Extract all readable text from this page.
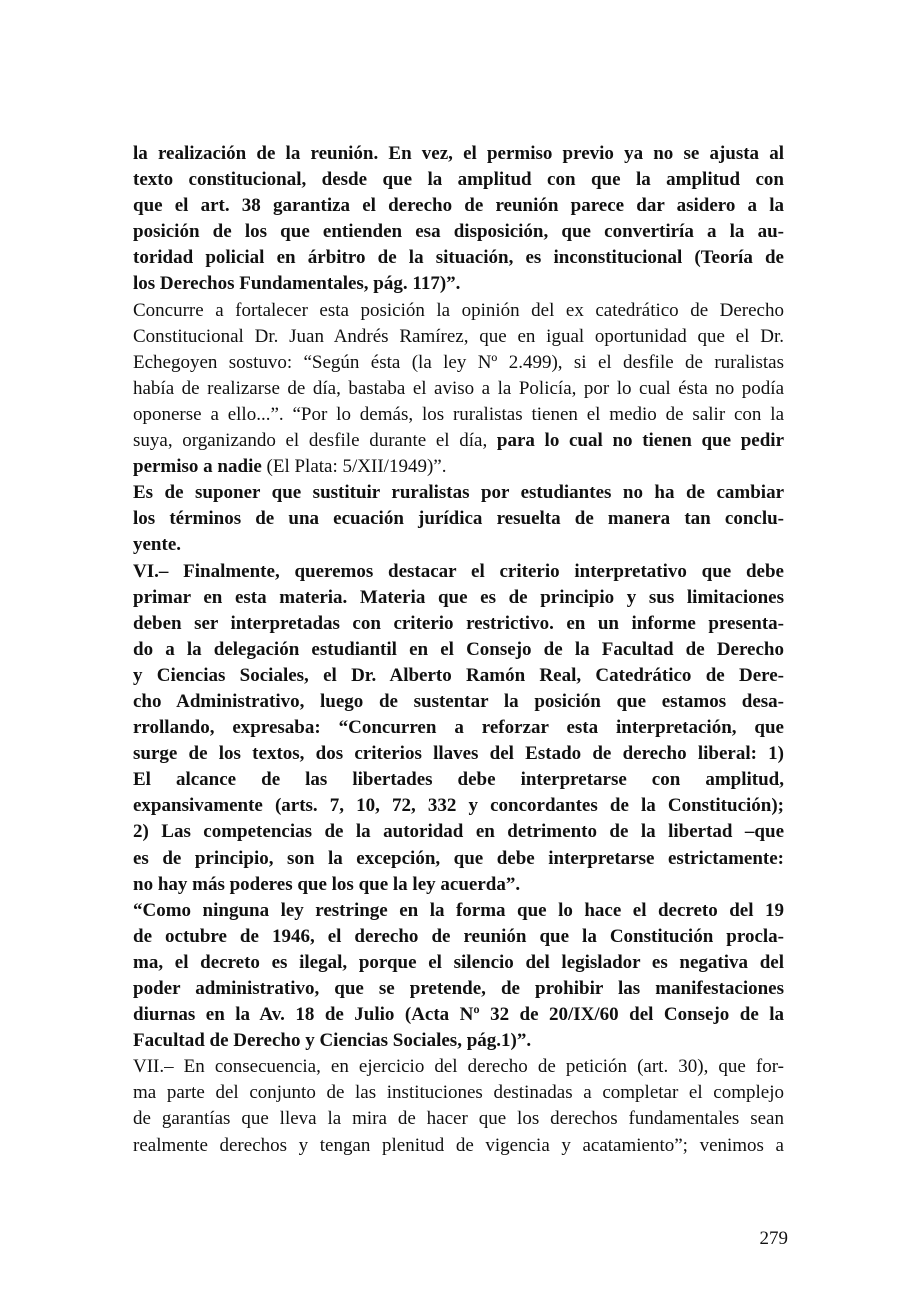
la realización de la reunión. En vez, el permiso previo ya no se ajusta al
texto constitucional, desde que la amplitud con que la amplitud con
que el art. 38 garantiza el derecho de reunión parece dar asidero a la
posición de los que entienden esa disposición, que convertiría a la au-
toridad policial en árbitro de la situación, es inconstitucional (Teoría de
los Derechos Fundamentales, pág. 117)”.
Concurre a fortalecer esta posición la opinión del ex catedrático de Derecho
Constitucional Dr. Juan Andrés Ramírez, que en igual oportunidad que el Dr.
Echegoyen sostuvo: “Según ésta (la ley Nº 2.499), si el desfile de ruralistas
había de realizarse de día, bastaba el aviso a la Policía, por lo cual ésta no podía
oponerse a ello...”. “Por lo demás, los ruralistas tienen el medio de salir con la
suya, organizando el desfile durante el día, para lo cual no tienen que pedir
permiso a nadie (El Plata: 5/XII/1949)”.
Es de suponer que sustituir ruralistas por estudiantes no ha de cambiar
los términos de una ecuación jurídica resuelta de manera tan conclu-
yente.
VI.– Finalmente, queremos destacar el criterio interpretativo que debe
primar en esta materia. Materia que es de principio y sus limitaciones
deben ser interpretadas con criterio restrictivo. en un informe presenta-
do a la delegación estudiantil en el Consejo de la Facultad de Derecho
y Ciencias Sociales, el Dr. Alberto Ramón Real, Catedrático de Dere-
cho Administrativo, luego de sustentar la posición que estamos desa-
rrollando, expresaba: “Concurren a reforzar esta interpretación, que
surge de los textos, dos criterios llaves del Estado de derecho liberal: 1)
El alcance de las libertades debe interpretarse con amplitud,
expansivamente (arts. 7, 10, 72, 332 y concordantes de la Constitución);
2) Las competencias de la autoridad en detrimento de la libertad –que
es de principio, son la excepción, que debe interpretarse estrictamente:
no hay más poderes que los que la ley acuerda”.
“Como ninguna ley restringe en la forma que lo hace el decreto del 19
de octubre de 1946, el derecho de reunión que la Constitución procla-
ma, el decreto es ilegal, porque el silencio del legislador es negativa del
poder administrativo, que se pretende, de prohibir las manifestaciones
diurnas en la Av. 18 de Julio (Acta Nº 32 de 20/IX/60 del Consejo de la
Facultad de Derecho y Ciencias Sociales, pág.1)”.
VII.– En consecuencia, en ejercicio del derecho de petición (art. 30), que for-
ma parte del conjunto de las instituciones destinadas a completar el complejo
de garantías que lleva la mira de hacer que los derechos fundamentales sean
realmente derechos y tengan plenitud de vigencia y acatamiento”; venimos a
279
